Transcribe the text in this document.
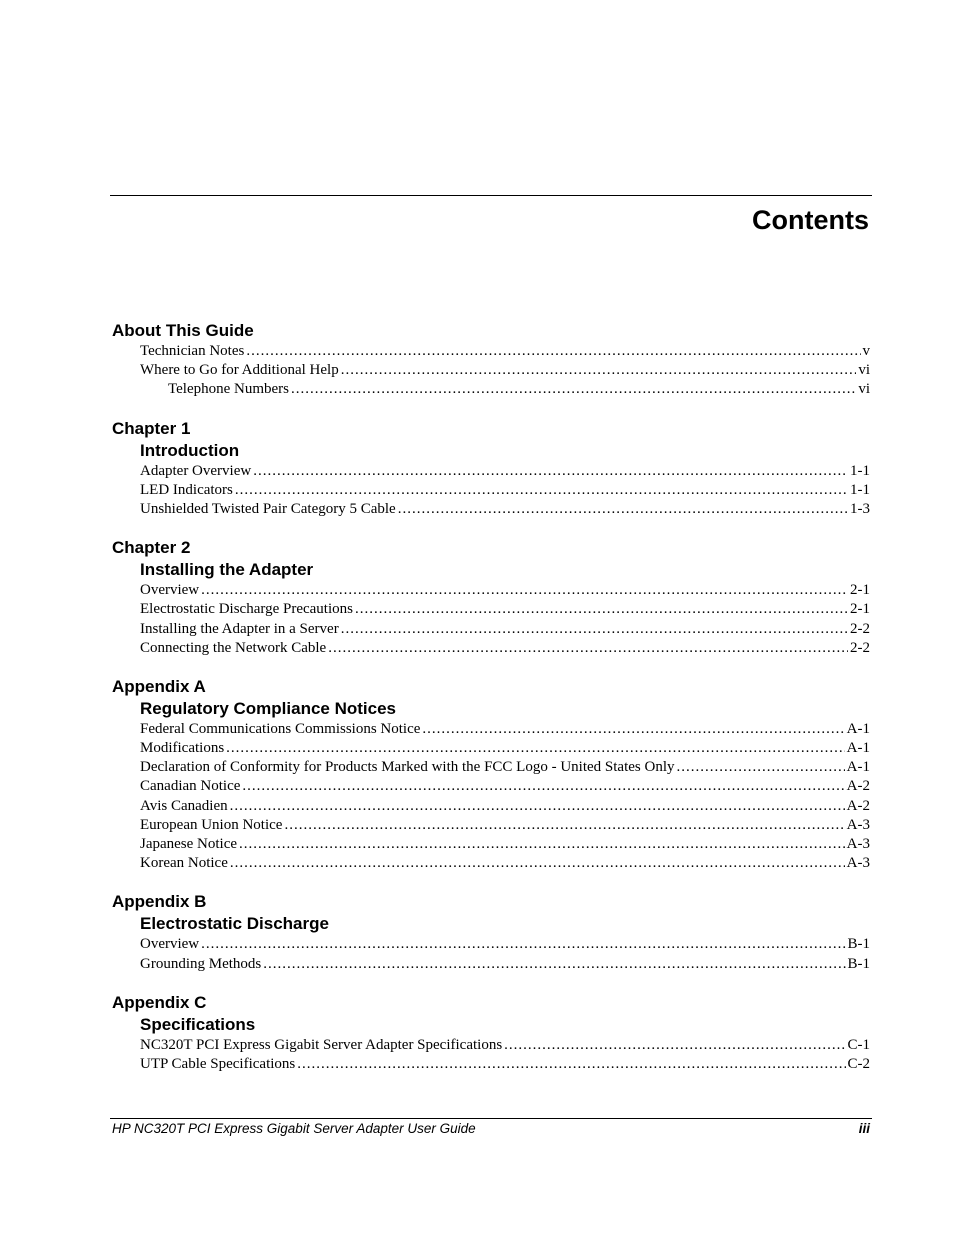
Contents
About This Guide
Technician Notes .....	v
Where to Go for Additional Help .....	vi
Telephone Numbers .....	vi
Chapter 1
Introduction
Adapter Overview .....	1-1
LED Indicators .....	1-1
Unshielded Twisted Pair Category 5 Cable .....	1-3
Chapter 2
Installing the Adapter
Overview .....	2-1
Electrostatic Discharge Precautions .....	2-1
Installing the Adapter in a Server .....	2-2
Connecting the Network Cable .....	2-2
Appendix A
Regulatory Compliance Notices
Federal Communications Commissions Notice .....	A-1
Modifications .....	A-1
Declaration of Conformity for Products Marked with the FCC Logo - United States Only .....	A-1
Canadian Notice .....	A-2
Avis Canadien .....	A-2
European Union Notice .....	A-3
Japanese Notice .....	A-3
Korean Notice .....	A-3
Appendix B
Electrostatic Discharge
Overview .....	B-1
Grounding Methods .....	B-1
Appendix C
Specifications
NC320T PCI Express Gigabit Server Adapter Specifications .....	C-1
UTP Cable Specifications .....	C-2
HP NC320T PCI Express Gigabit Server Adapter User Guide	iii
